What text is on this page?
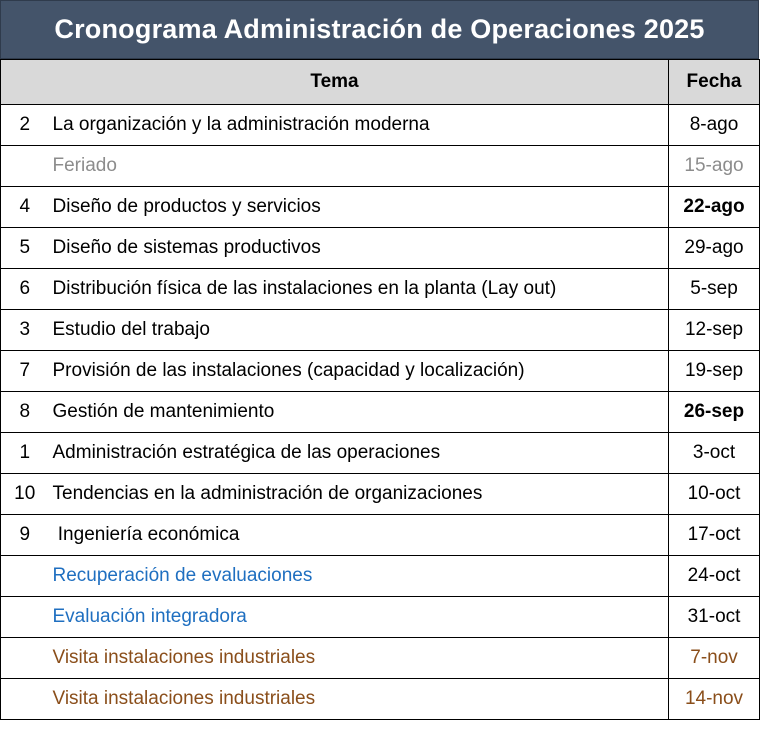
Cronograma Administración de Operaciones 2025
Tema		Fecha
2	La organización y la administración moderna	8-ago
	Feriado	15-ago
4	Diseño de productos y servicios	22-ago
5	Diseño de sistemas productivos	29-ago
6	Distribución física de las instalaciones en la planta (Lay out)	5-sep
3	Estudio del trabajo	12-sep
7	Provisión de las instalaciones (capacidad y localización)	19-sep
8	Gestión de mantenimiento	26-sep
1	Administración estratégica de las operaciones	3-oct
10	Tendencias en la administración de organizaciones	10-oct
9	Ingeniería económica	17-oct
	Recuperación de evaluaciones	24-oct
	Evaluación integradora	31-oct
	Visita instalaciones industriales	7-nov
	Visita instalaciones industriales	14-nov
